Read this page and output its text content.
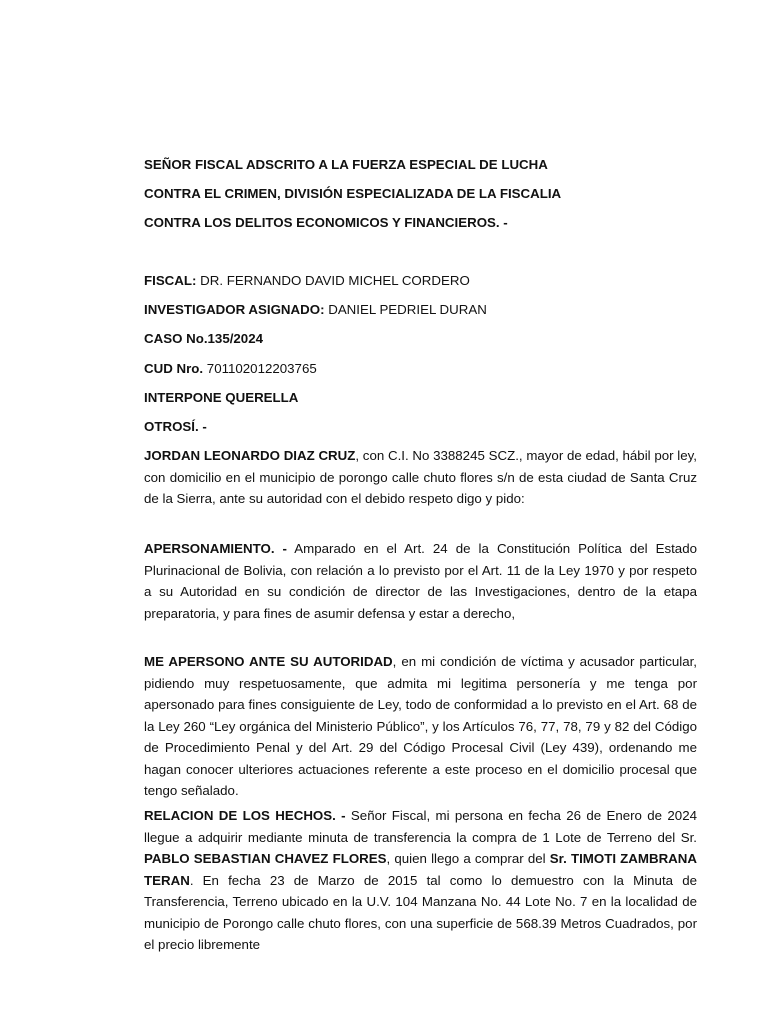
SEÑOR FISCAL ADSCRITO A LA FUERZA ESPECIAL DE LUCHA

CONTRA EL CRIMEN, DIVISIÓN ESPECIALIZADA DE LA FISCALIA

CONTRA LOS DELITOS ECONOMICOS Y FINANCIEROS. -

FISCAL: DR. FERNANDO DAVID MICHEL CORDERO

INVESTIGADOR ASIGNADO: DANIEL PEDRIEL DURAN

CASO No.135/2024

CUD Nro. 701102012203765

INTERPONE QUERELLA

OTROSÍ. -

JORDAN LEONARDO DIAZ CRUZ, con C.I. No 3388245 SCZ., mayor de edad, hábil por ley, con domicilio en el municipio de porongo calle chuto flores s/n de esta ciudad de Santa Cruz de la Sierra, ante su autoridad con el debido respeto digo y pido:

APERSONAMIENTO. - Amparado en el Art. 24 de la Constitución Política del Estado Plurinacional de Bolivia, con relación a lo previsto por el Art. 11 de la Ley 1970 y por respeto a su Autoridad en su condición de director de las Investigaciones, dentro de la etapa preparatoria, y para fines de asumir defensa y estar a derecho,

ME APERSONO ANTE SU AUTORIDAD, en mi condición de víctima y acusador particular, pidiendo muy respetuosamente, que admita mi legitima personería y me tenga por apersonado para fines consiguiente de Ley, todo de conformidad a lo previsto en el Art. 68 de la Ley 260 “Ley orgánica del Ministerio Público”, y los Artículos 76, 77, 78, 79 y 82 del Código de Procedimiento Penal y del Art. 29 del Código Procesal Civil (Ley 439), ordenando me hagan conocer ulteriores actuaciones referente a este proceso en el domicilio procesal que tengo señalado.

RELACION DE LOS HECHOS. - Señor Fiscal, mi persona en fecha 26 de Enero de 2024 llegue a adquirir mediante minuta de transferencia la compra de 1 Lote de Terreno del Sr. PABLO SEBASTIAN CHAVEZ FLORES, quien llego a comprar del Sr. TIMOTI ZAMBRANA TERAN. En fecha 23 de Marzo de 2015 tal como lo demuestro con la Minuta de Transferencia, Terreno ubicado en la U.V. 104 Manzana No. 44 Lote No. 7 en la localidad de municipio de Porongo calle chuto flores, con una superficie de 568.39 Metros Cuadrados, por el precio libremente
